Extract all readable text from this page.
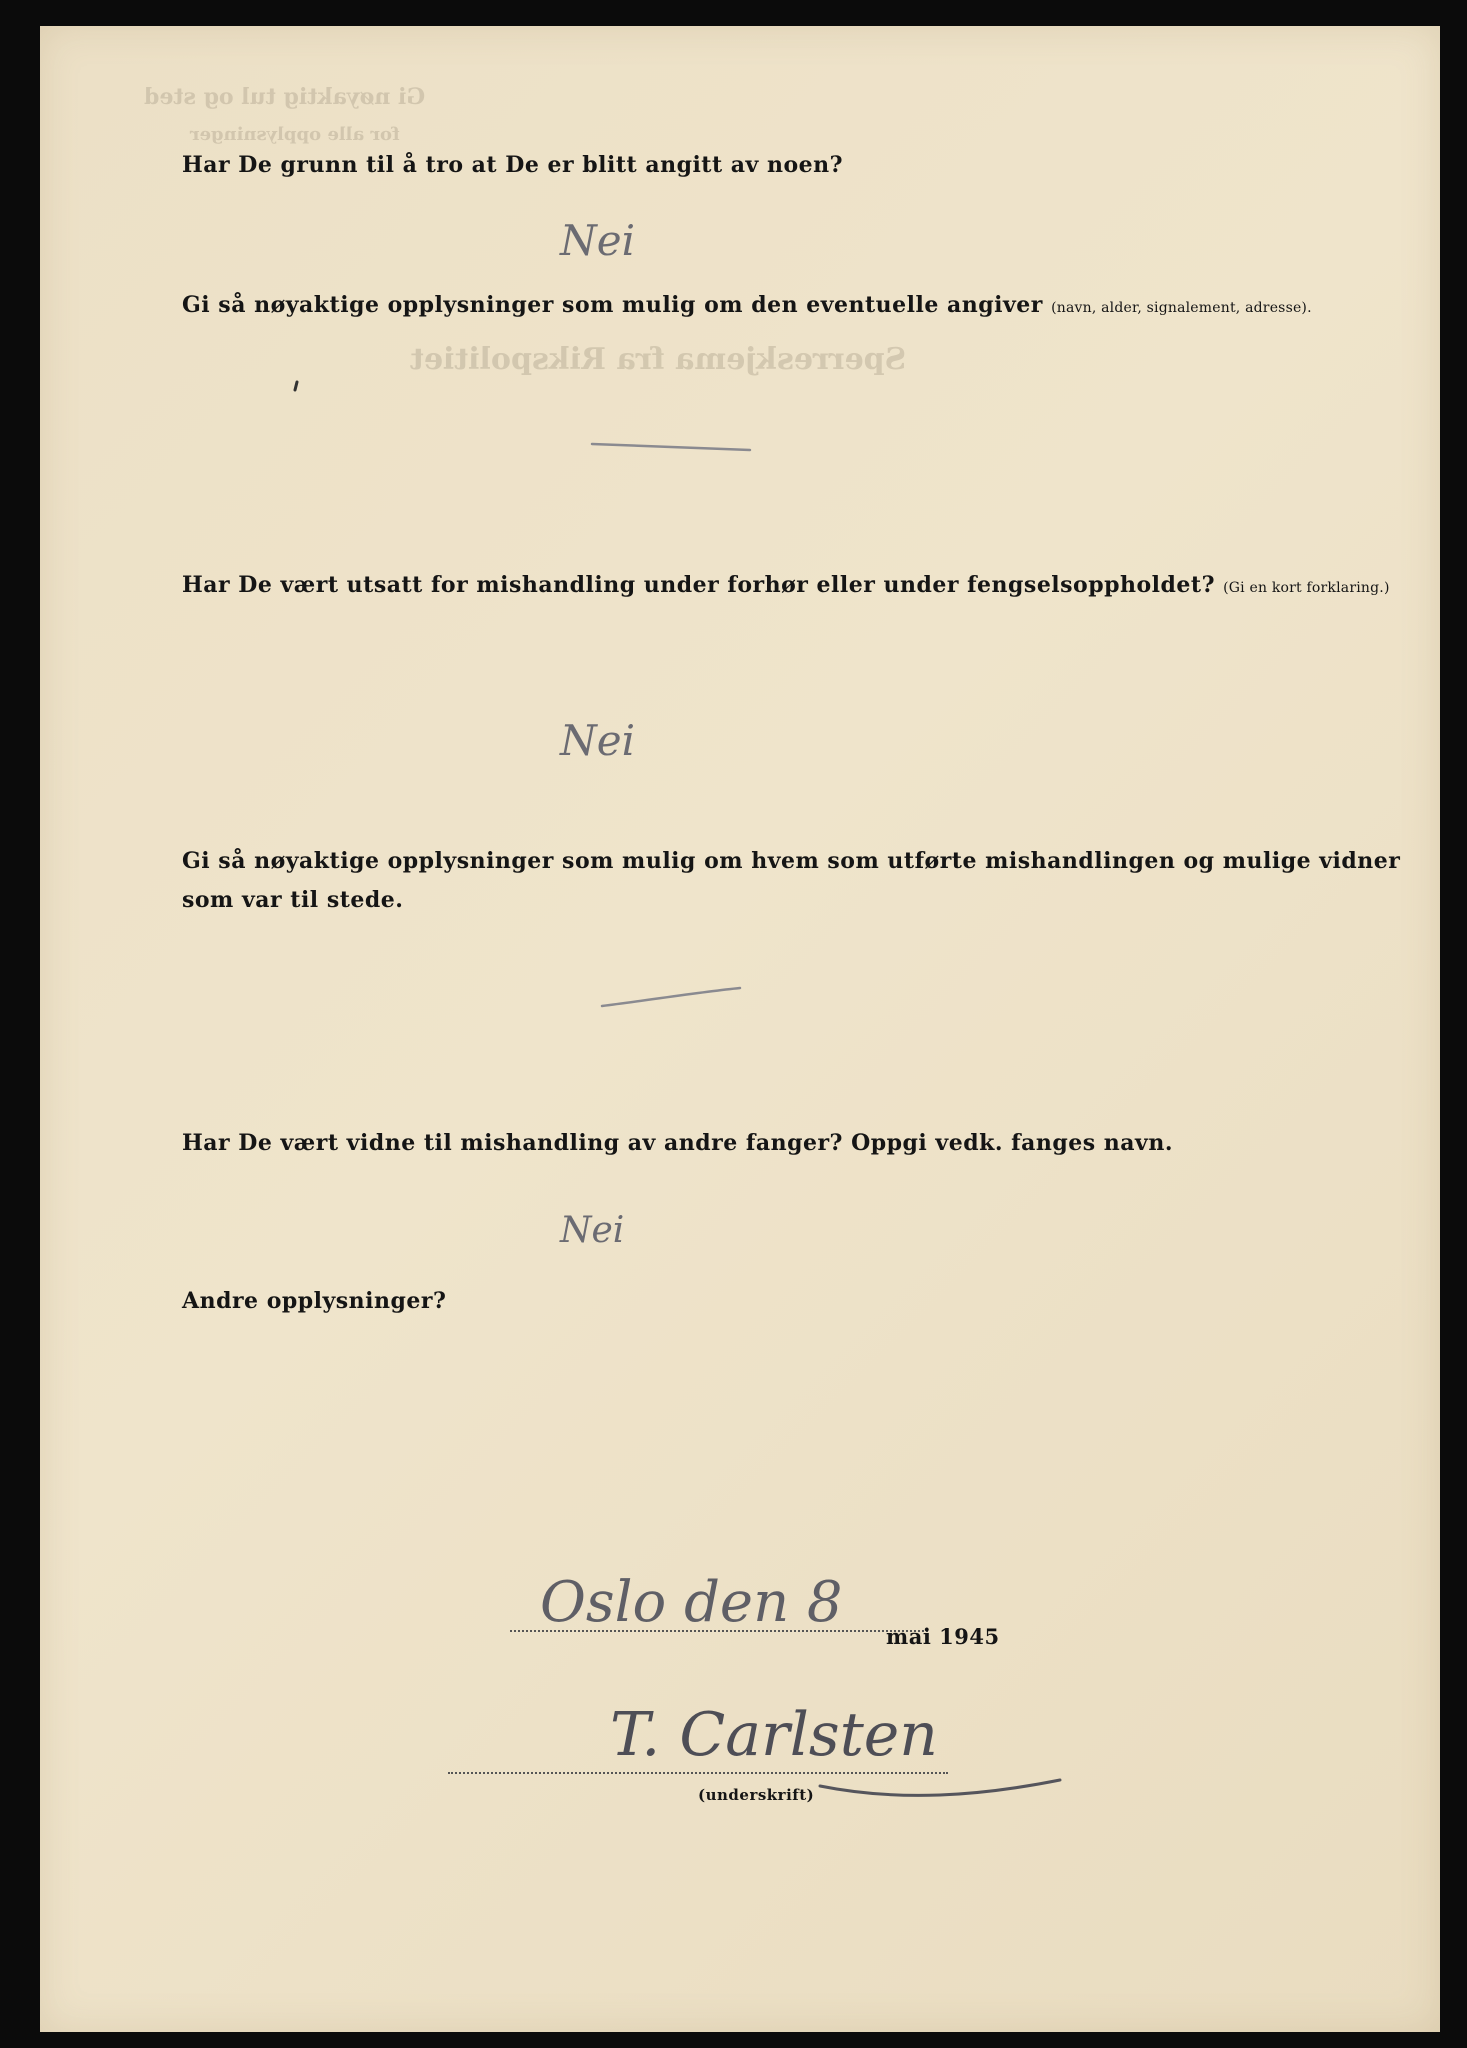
Gi nøyaktig tul og sted
for alle opplysninger
Sperreskjema fra Rikspolitiet
Har De grunn til å tro at De er blitt angitt av noen?
Nei
Gi så nøyaktige opplysninger som mulig om den eventuelle angiver (navn, alder, signalement, adresse).
Har De vært utsatt for mishandling under forhør eller under fengselsoppholdet? (Gi en kort forklaring.)
Nei
Gi så nøyaktige opplysninger som mulig om hvem som utførte mishandlingen og mulige vidner
som var til stede.
Har De vært vidne til mishandling av andre fanger? Oppgi vedk. fanges navn.
Nei
Andre opplysninger?
Oslo den 8
mai 1945
T. Carlsten
(underskrift)
